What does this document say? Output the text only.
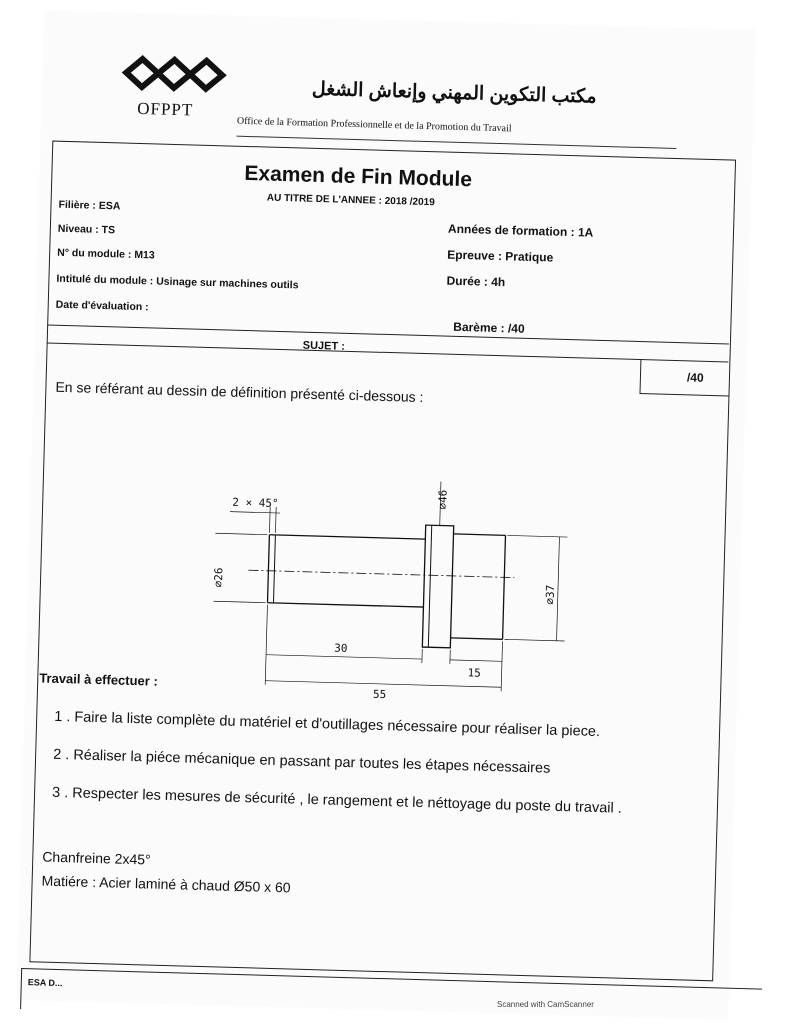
OFPPT
مكتب التكوين المهني وإنعاش الشغل
Office de la Formation Professionnelle et de la Promotion du Travail
Examen de Fin Module
AU TITRE DE L'ANNEE : 2018 /2019
Filière : ESA
Niveau : TS
N° du module : M13
Intitulé du module : Usinage sur machines outils
Date d'évaluation :
Années de formation : 1A
Epreuve : Pratique
Durée : 4h
Barème : /40
SUJET :
/40
En se référant au dessin de définition présenté ci-dessous :
2 × 45°	⌀46
⌀26
⌀37
30
15
55
Travail à effectuer :
1 . Faire la liste complète du matériel et d'outillages nécessaire pour réaliser la piece.
2 . Réaliser la piéce mécanique en passant par toutes les étapes nécessaires
3 . Respecter les mesures de sécurité , le rangement et le néttoyage du poste du travail .
Chanfreine 2x45°
Matiére : Acier laminé à chaud Ø50 x 60
ESA D...
Scanned with CamScanner
